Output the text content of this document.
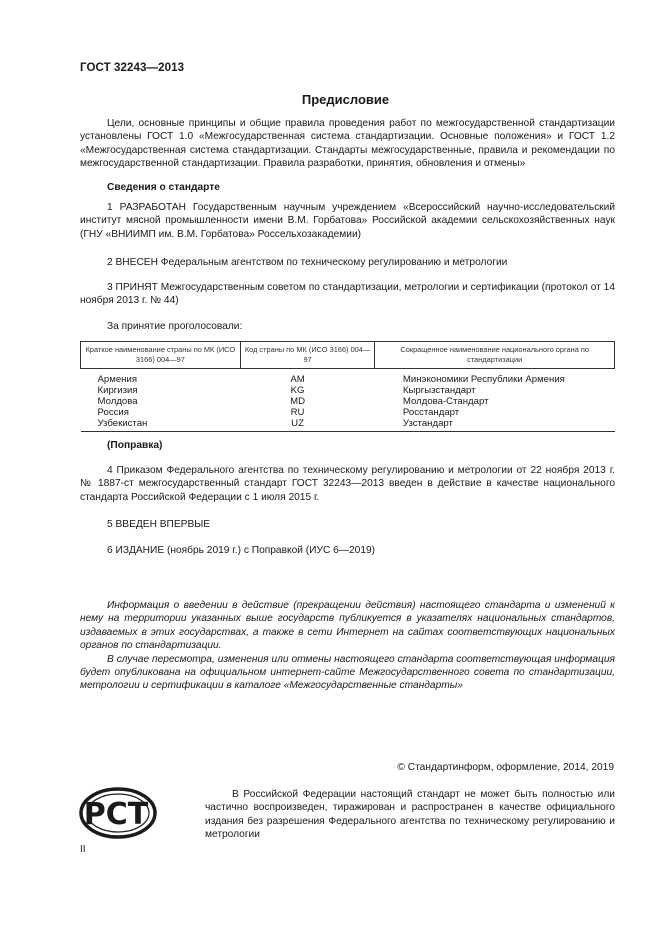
ГОСТ 32243—2013
Предисловие

Цели, основные принципы и общие правила проведения работ по межгосударственной стандартизации установлены ГОСТ 1.0 «Межгосударственная система стандартизации. Основные положения» и ГОСТ 1.2 «Межгосударственная система стандартизации. Стандарты межгосударственные, правила и рекомендации по межгосударственной стандартизации. Правила разработки, принятия, обновления и отмены»

Сведения о стандарте

1 РАЗРАБОТАН Государственным научным учреждением «Всероссийский научно-исследовательский институт мясной промышленности имени В.М. Горбатова» Российской академии сельскохозяйственных наук (ГНУ «ВНИИМП им. В.М. Горбатова» Россельхозакадемии)

2 ВНЕСЕН Федеральным агентством по техническому регулированию и метрологии

3 ПРИНЯТ Межгосударственным советом по стандартизации, метрологии и сертификации (протокол от 14 ноября 2013 г. № 44)

За принятие проголосовали:
Краткое наименование страны по МК (ИСО 3166) 004—97	Код страны по МК (ИСО 3166) 004—97	Сокращенное наименование национального органа по стандартизации
Армения	AM	Минэкономики Республики Армения
Киргизия	KG	Кыргызстандарт
Молдова	MD	Молдова-Стандарт
Россия	RU	Росстандарт
Узбекистан	UZ	Узстандарт
(Поправка)

4 Приказом Федерального агентства по техническому регулированию и метрологии от 22 ноября 2013 г. № 1887-ст межгосударственный стандарт ГОСТ 32243—2013 введен в действие в качестве национального стандарта Российской Федерации с 1 июля 2015 г.

5 ВВЕДЕН ВПЕРВЫЕ

6 ИЗДАНИЕ (ноябрь 2019 г.) с Поправкой (ИУС 6—2019)

Информация о введении в действие (прекращении действия) настоящего стандарта и изменений к нему на территории указанных выше государств публикуется в указателях национальных стандартов, издаваемых в этих государствах, а также в сети Интернет на сайтах соответствующих национальных органов по стандартизации.

В случае пересмотра, изменения или отмены настоящего стандарта соответствующая информация будет опубликована на официальном интернет-сайте Межгосударственного совета по стандартизации, метрологии и сертификации в каталоге «Межгосударственные стандарты»

© Стандартинформ, оформление, 2014, 2019
РСТ

В Российской Федерации настоящий стандарт не может быть полностью или частично воспроизведен, тиражирован и распространен в качестве официального издания без разрешения Федерального агентства по техническому регулированию и метрологии

II
